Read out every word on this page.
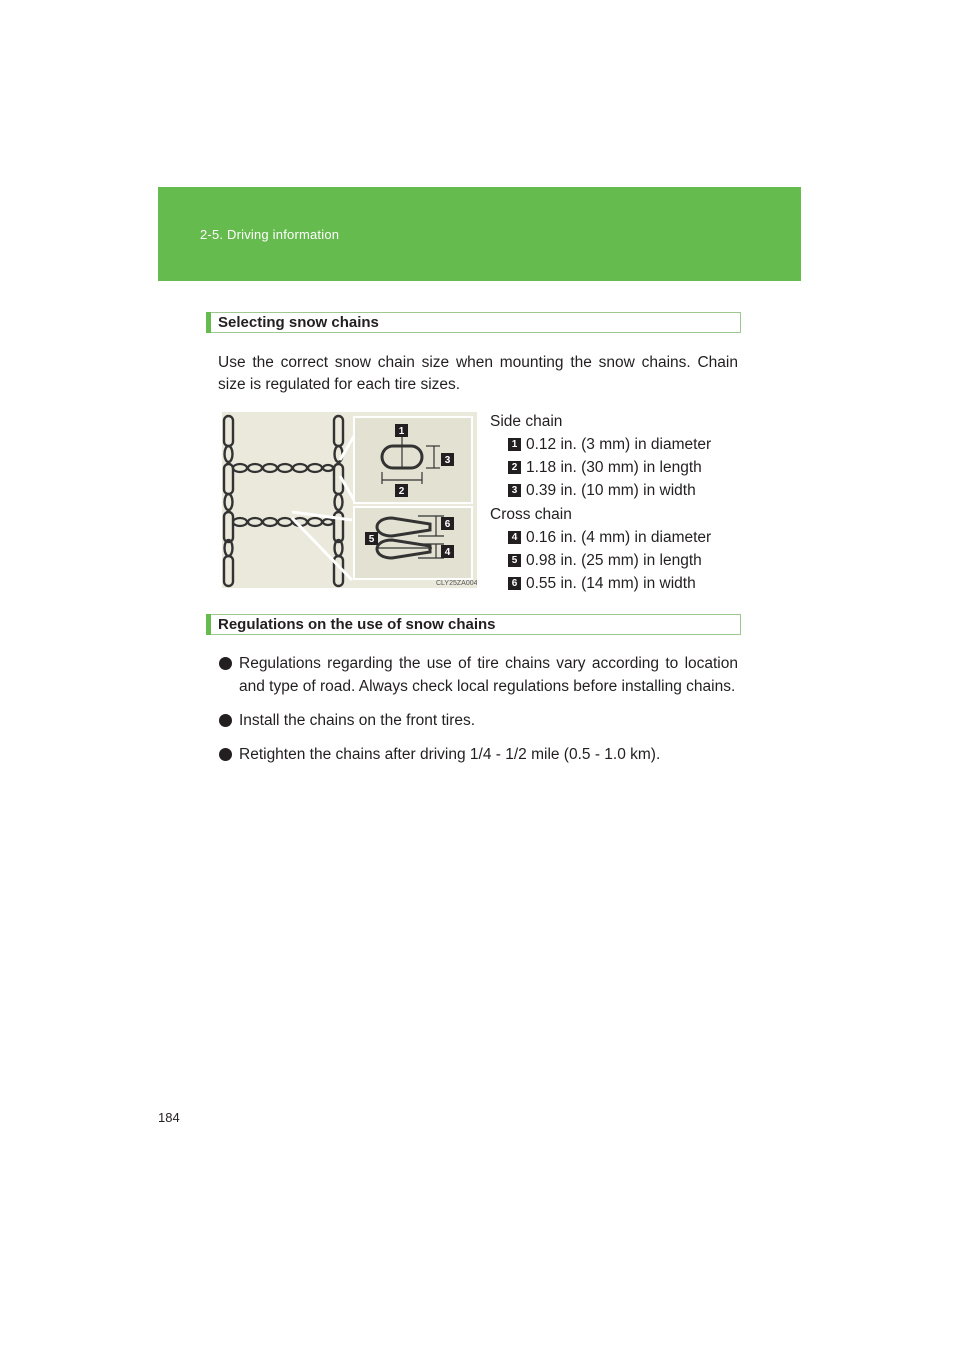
2-5. Driving information
Selecting snow chains
Use the correct snow chain size when mounting the snow chains. Chain size is regulated for each tire sizes.
1
2
3
4
5
6
CLY25ZA004
Side chain
1 0.12 in. (3 mm) in diameter
2 1.18 in. (30 mm) in length
3 0.39 in. (10 mm) in width
Cross chain
4 0.16 in. (4 mm) in diameter
5 0.98 in. (25 mm) in length
6 0.55 in. (14 mm) in width
Regulations on the use of snow chains
Regulations regarding the use of tire chains vary according to location and type of road. Always check local regulations before installing chains.
Install the chains on the front tires.
Retighten the chains after driving 1/4 - 1/2 mile (0.5 - 1.0 km).
184
